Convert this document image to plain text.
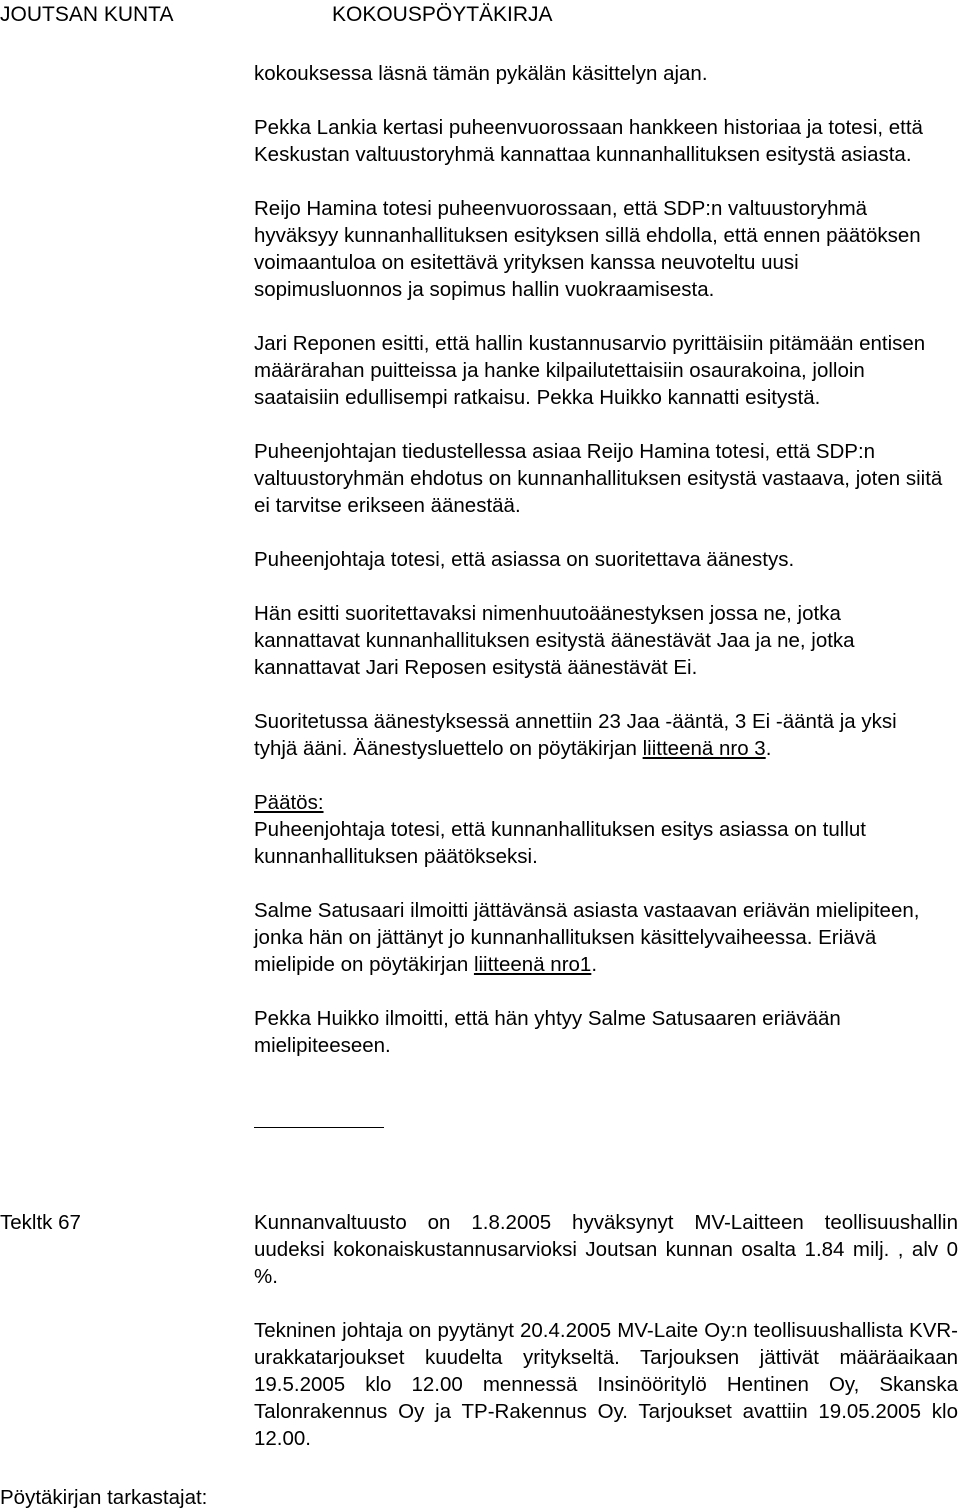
JOUTSAN KUNTA	KOKOUSPÖYTÄKIRJA

kokouksessa läsnä tämän pykälän käsittelyn ajan.

Pekka Lankia kertasi puheenvuorossaan hankkeen historiaa ja totesi, että Keskustan valtuustoryhmä kannattaa kunnanhallituksen esitystä asiasta.

Reijo Hamina totesi puheenvuorossaan, että SDP:n valtuustoryhmä hyväksyy kunnanhallituksen esityksen sillä ehdolla, että ennen päätöksen voimaantuloa on esitettävä yrityksen kanssa neuvoteltu uusi sopimusluonnos ja sopimus hallin vuokraamisesta.

Jari Reponen esitti, että hallin kustannusarvio pyrittäisiin pitämään entisen määrärahan puitteissa ja hanke kilpailutettaisiin osaurakoina, jolloin saataisiin edullisempi ratkaisu. Pekka Huikko kannatti esitystä.

Puheenjohtajan tiedustellessa asiaa Reijo Hamina totesi, että SDP:n valtuustoryhmän ehdotus on kunnanhallituksen esitystä vastaava, joten siitä ei tarvitse erikseen äänestää.

Puheenjohtaja totesi, että asiassa on suoritettava äänestys.

Hän esitti suoritettavaksi nimenhuutoäänestyksen jossa ne, jotka kannattavat kunnanhallituksen esitystä äänestävät Jaa ja ne, jotka kannattavat Jari Reposen esitystä äänestävät Ei.

Suoritetussa äänestyksessä annettiin 23 Jaa -ääntä, 3 Ei -ääntä ja yksi tyhjä ääni. Äänestysluettelo on pöytäkirjan liitteenä nro 3.

Päätös:

Puheenjohtaja totesi, että kunnanhallituksen esitys asiassa on tullut kunnanhallituksen päätökseksi.

Salme Satusaari ilmoitti jättävänsä asiasta vastaavan eriävän mielipiteen, jonka hän on jättänyt jo kunnanhallituksen käsittelyvaiheessa. Eriävä mielipide on pöytäkirjan liitteenä nro1.

Pekka Huikko ilmoitti, että hän yhtyy Salme Satusaaren eriävään mielipiteeseen.

Tekltk 67	Kunnanvaltuusto on 1.8.2005 hyväksynyt MV-Laitteen teollisuushallin uudeksi kokonaiskustannusarvioksi Joutsan kunnan osalta 1.84 milj. , alv 0 %.

Tekninen johtaja on pyytänyt 20.4.2005 MV-Laite Oy:n teollisuushallista KVR-urakkatarjoukset kuudelta yritykseltä. Tarjouksen jättivät määräaikaan 19.5.2005 klo 12.00 mennessä Insinööritylö Hentinen Oy, Skanska Talonrakennus Oy ja TP-Rakennus Oy. Tarjoukset avattiin 19.05.2005 klo 12.00.

Pöytäkirjan tarkastajat:
